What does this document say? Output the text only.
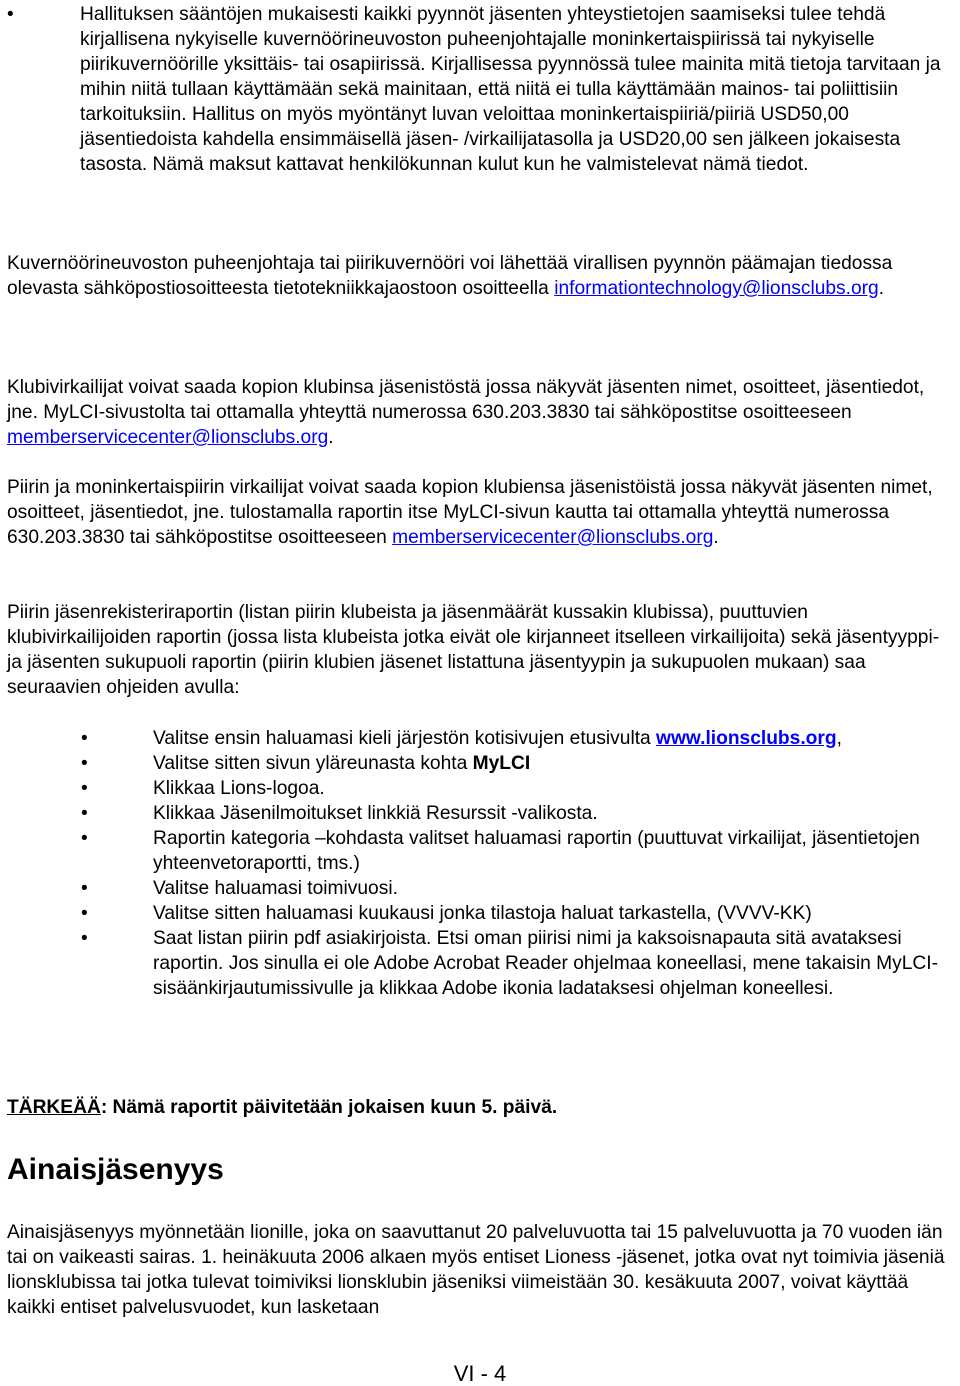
•	Hallituksen sääntöjen mukaisesti kaikki pyynnöt jäsenten yhteystietojen saamiseksi tulee tehdä kirjallisena nykyiselle kuvernöörineuvoston puheenjohtajalle moninkertaispiirissä tai nykyiselle piirikuvernöörille yksittäis- tai osapiirissä. Kirjallisessa pyynnössä tulee mainita mitä tietoja tarvitaan ja mihin niitä tullaan käyttämään sekä mainitaan, että niitä ei tulla käyttämään mainos- tai poliittisiin tarkoituksiin. Hallitus on myös myöntänyt luvan veloittaa moninkertaispiiriä/piiriä USD50,00 jäsentiedoista kahdella ensimmäisellä jäsen- /virkailijatasolla ja USD20,00 sen jälkeen jokaisesta tasosta. Nämä maksut kattavat henkilökunnan kulut kun he valmistelevat nämä tiedot.

Kuvernöörineuvoston puheenjohtaja tai piirikuvernööri voi lähettää virallisen pyynnön päämajan tiedossa olevasta sähköpostiosoitteesta tietotekniikkajaostoon osoitteella informationtechnology@lionsclubs.org.

Klubivirkailijat voivat saada kopion klubinsa jäsenistöstä jossa näkyvät jäsenten nimet, osoitteet, jäsentiedot, jne. MyLCI-sivustolta tai ottamalla yhteyttä numerossa 630.203.3830 tai sähköpostitse osoitteeseen memberservicecenter@lionsclubs.org.

Piirin ja moninkertaispiirin virkailijat voivat saada kopion klubiensa jäsenistöistä jossa näkyvät jäsenten nimet, osoitteet, jäsentiedot, jne. tulostamalla raportin itse MyLCI-sivun kautta tai ottamalla yhteyttä numerossa 630.203.3830 tai sähköpostitse osoitteeseen memberservicecenter@lionsclubs.org.

Piirin jäsenrekisteriraportin (listan piirin klubeista ja jäsenmäärät kussakin klubissa), puuttuvien klubivirkailijoiden raportin (jossa lista klubeista jotka eivät ole kirjanneet itselleen virkailijoita) sekä jäsentyyppi- ja jäsenten sukupuoli raportin (piirin klubien jäsenet listattuna jäsentyypin ja sukupuolen mukaan) saa seuraavien ohjeiden avulla:

•	Valitse ensin haluamasi kieli järjestön kotisivujen etusivulta www.lionsclubs.org,
•	Valitse sitten sivun yläreunasta kohta MyLCI
•	Klikkaa Lions-logoa.
•	Klikkaa Jäsenilmoitukset linkkiä Resurssit -valikosta.
•	Raportin kategoria –kohdasta valitset haluamasi raportin (puuttuvat virkailijat, jäsentietojen yhteenvetoraportti, tms.)
•	Valitse haluamasi toimivuosi.
•	Valitse sitten haluamasi kuukausi jonka tilastoja haluat tarkastella, (VVVV-KK)
•	Saat listan piirin pdf asiakirjoista. Etsi oman piirisi nimi ja kaksoisnapauta sitä avataksesi raportin. Jos sinulla ei ole Adobe Acrobat Reader ohjelmaa koneellasi, mene takaisin MyLCI-sisäänkirjautumissivulle ja klikkaa Adobe ikonia ladataksesi ohjelman koneellesi.
TÄRKEÄÄ: Nämä raportit päivitetään jokaisen kuun 5. päivä.
Ainaisjäsenyys

Ainaisjäsenyys myönnetään lionille, joka on saavuttanut 20 palveluvuotta tai 15 palveluvuotta ja 70 vuoden iän tai on vaikeasti sairas. 1. heinäkuuta 2006 alkaen myös entiset Lioness -jäsenet, jotka ovat nyt toimivia jäseniä lionsklubissa tai jotka tulevat toimiviksi lionsklubin jäseniksi viimeistään 30. kesäkuuta 2007, voivat käyttää kaikki entiset palvelusvuodet, kun lasketaan

VI - 4
